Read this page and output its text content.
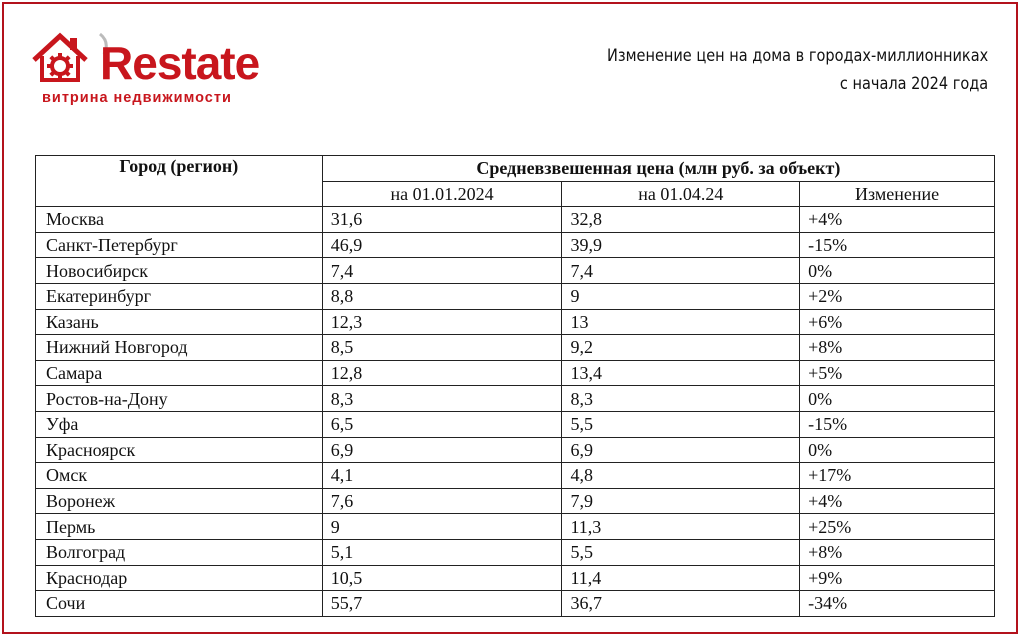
Restate
витрина недвижимости
Изменение цен на дома в городах-миллионниках
с начала 2024 года
Город (регион)	Средневзвешенная цена (млн руб. за объект)		
	на 01.01.2024	на 01.04.24	Изменение
Москва	31,6	32,8	+4%
Санкт-Петербург	46,9	39,9	-15%
Новосибирск	7,4	7,4	0%
Екатеринбург	8,8	9	+2%
Казань	12,3	13	+6%
Нижний Новгород	8,5	9,2	+8%
Самара	12,8	13,4	+5%
Ростов-на-Дону	8,3	8,3	0%
Уфа	6,5	5,5	-15%
Красноярск	6,9	6,9	0%
Омск	4,1	4,8	+17%
Воронеж	7,6	7,9	+4%
Пермь	9	11,3	+25%
Волгоград	5,1	5,5	+8%
Краснодар	10,5	11,4	+9%
Сочи	55,7	36,7	-34%
